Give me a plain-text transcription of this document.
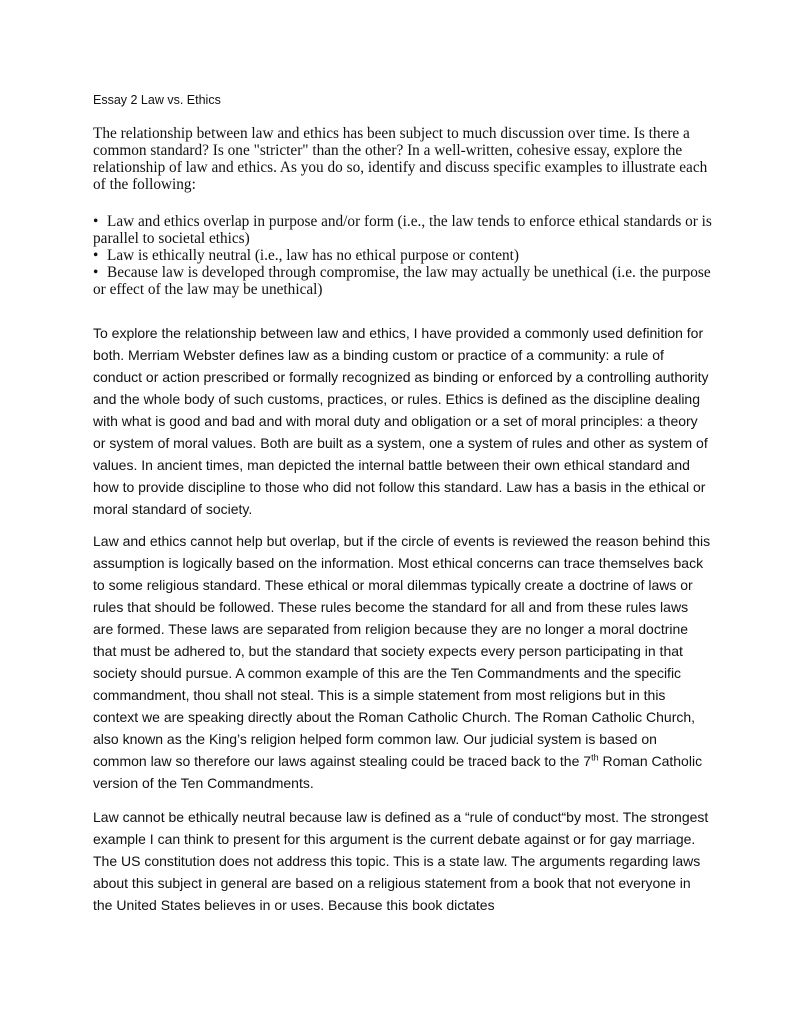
Essay 2 Law vs. Ethics
The relationship between law and ethics has been subject to much discussion over time. Is there a common standard? Is one "stricter" than the other? In a well-written, cohesive essay, explore the relationship of law and ethics. As you do so, identify and discuss specific examples to illustrate each of the following:
• Law and ethics overlap in purpose and/or form (i.e., the law tends to enforce ethical standards or is parallel to societal ethics)
• Law is ethically neutral (i.e., law has no ethical purpose or content)
• Because law is developed through compromise, the law may actually be unethical (i.e. the purpose or effect of the law may be unethical)
To explore the relationship between law and ethics, I have provided a commonly used definition for both. Merriam Webster defines law as a binding custom or practice of a community: a rule of conduct or action prescribed or formally recognized as binding or enforced by a controlling authority and the whole body of such customs, practices, or rules. Ethics is defined as the discipline dealing with what is good and bad and with moral duty and obligation or a set of moral principles: a theory or system of moral values. Both are built as a system, one a system of rules and other as system of values. In ancient times, man depicted the internal battle between their own ethical standard and how to provide discipline to those who did not follow this standard. Law has a basis in the ethical or moral standard of society.
Law and ethics cannot help but overlap, but if the circle of events is reviewed the reason behind this assumption is logically based on the information. Most ethical concerns can trace themselves back to some religious standard. These ethical or moral dilemmas typically create a doctrine of laws or rules that should be followed. These rules become the standard for all and from these rules laws are formed. These laws are separated from religion because they are no longer a moral doctrine that must be adhered to, but the standard that society expects every person participating in that society should pursue. A common example of this are the Ten Commandments and the specific commandment, thou shall not steal. This is a simple statement from most religions but in this context we are speaking directly about the Roman Catholic Church. The Roman Catholic Church, also known as the King’s religion helped form common law. Our judicial system is based on common law so therefore our laws against stealing could be traced back to the 7th Roman Catholic version of the Ten Commandments.
Law cannot be ethically neutral because law is defined as a “rule of conduct“by most. The strongest example I can think to present for this argument is the current debate against or for gay marriage. The US constitution does not address this topic. This is a state law. The arguments regarding laws about this subject in general are based on a religious statement from a book that not everyone in the United States believes in or uses. Because this book dictates
